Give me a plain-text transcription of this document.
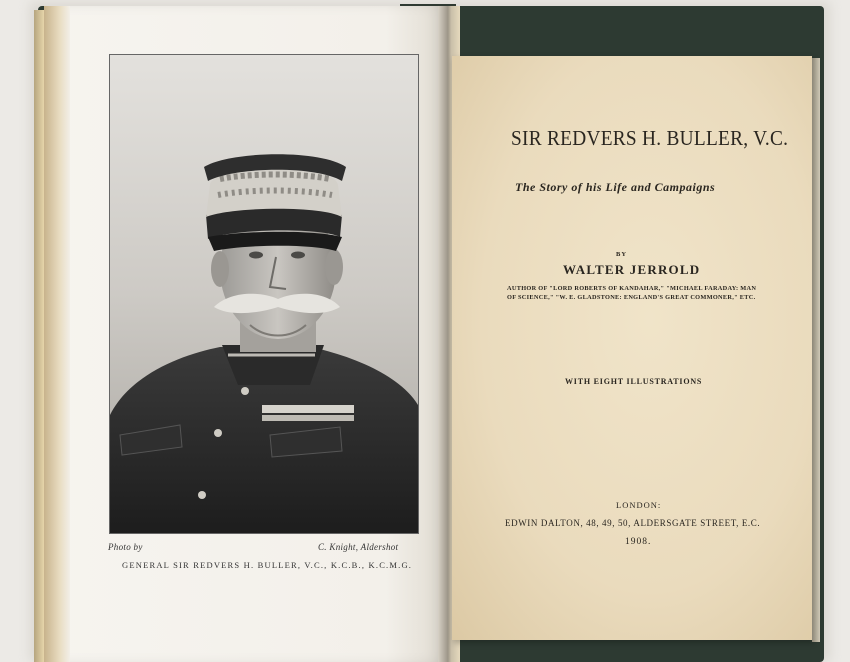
Photo by	C. Knight, Aldershot
GENERAL SIR REDVERS H. BULLER, V.C., K.C.B., K.C.M.G.
SIR REDVERS H. BULLER, V.C.
The Story of his Life and Campaigns
BY
WALTER JERROLD
AUTHOR OF "LORD ROBERTS OF KANDAHAR," "MICHAEL FARADAY: MAN OF SCIENCE," "W. E. GLADSTONE: ENGLAND'S GREAT COMMONER," ETC.
WITH EIGHT ILLUSTRATIONS
LONDON:
EDWIN DALTON, 48, 49, 50, ALDERSGATE STREET, E.C.
1908.
